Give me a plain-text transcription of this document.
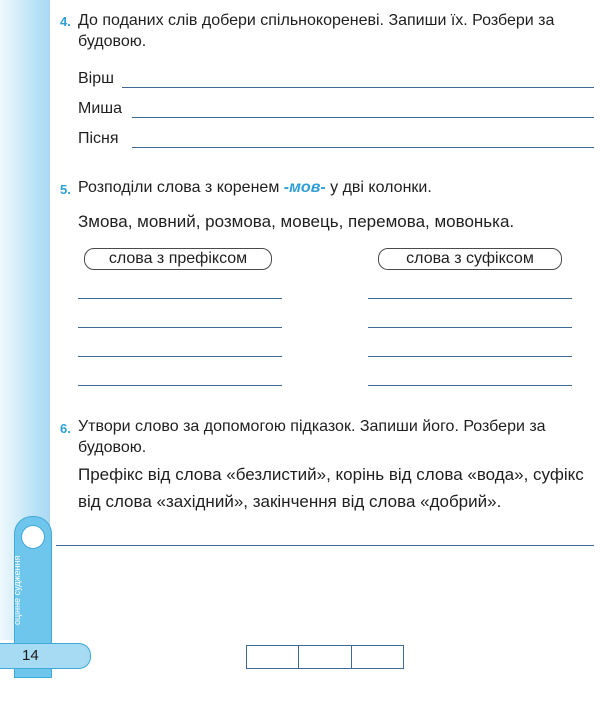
оцінне судження
4. До поданих слів добери спільнокореневі. Запиши їх. Розбери за будовою.
Вірш
Миша
Пісня
5. Розподіли слова з коренем -мов- у дві колонки.
Змова, мовний, розмова, мовець, перемова, мовонька.
слова з префіксом	слова з суфіксом
6. Утвори слово за допомогою підказок. Запиши його. Розбери за будовою.
Префікс від слова «безлистий», корінь від слова «вода», суфікс від слова «західний», закінчення від слова «добрий».
14
